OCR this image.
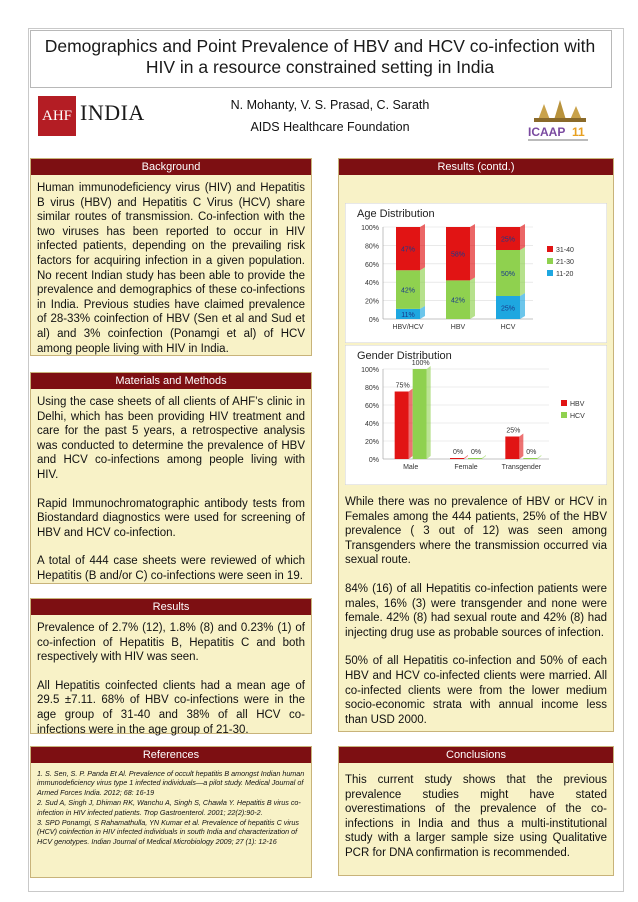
Demographics and Point Prevalence of HBV and HCV co-infection with HIV in a resource constrained setting in India
AHF INDIA	N. Mohanty, V. S. Prasad, C. Sarath
AIDS Healthcare Foundation	ICAAP 11
Background
Human immunodeficiency virus (HIV) and Hepatitis B virus (HBV) and Hepatitis C Virus (HCV) share similar routes of transmission. Co-infection with the two viruses has been reported to occur in HIV infected patients, depending on the prevailing risk factors for acquiring infection in a given population. No recent Indian study has been able to provide the prevalence and demographics of these co-infections in India. Previous studies have claimed prevalence of 28-33% coinfection of HBV (Sen et al and Sud et al) and 3% coinfection (Ponamgi et al) of HCV among people living with HIV in India.
Materials and Methods

Using the case sheets of all clients of AHF’s clinic in Delhi, which has been providing HIV treatment and care for the past 5 years, a retrospective analysis was conducted to determine the prevalence of HBV and HCV co-infections among people living with HIV.

Rapid Immunochromatographic antibody tests from Biostandard diagnostics were used for screening of HBV and HCV co-infection.

A total of 444 case sheets were reviewed of which Hepatitis (B and/or C) co-infections were seen in 19.

Results

Prevalence of 2.7% (12), 1.8% (8) and 0.23% (1) of co-infection of Hepatitis B, Hepatitis C and both respectively with HIV was seen.

All Hepatitis coinfected clients had a mean age of 29.5 ±7.11. 68% of HBV co-infections were in the age group of 31-40 and 38% of all HCV co-infections were in the age group of 21-30.

References

1. S. Sen, S. P. Panda Et Al. Prevalence of occult hepatitis B amongst Indian human immunodeficiency virus type 1 infected individuals—a pilot study. Medical Journal of Armed Forces India. 2012; 68: 16-19

2. Sud A, Singh J, Dhiman RK, Wanchu A, Singh S, Chawla Y. Hepatitis B virus co-infection in HIV infected patients. Trop Gastroenterol. 2001; 22(2):90-2.

3. SPD Ponamgi, S Rahamathulla, YN Kumar et al. Prevalence of hepatitis C virus (HCV) coinfection in HIV infected individuals in south India and characterization of HCV genotypes. Indian Journal of Medical Microbiology 2009; 27 (1): 12-16

Results (contd.)
Age Distribution
0%
20%
40%
60%
80%
100%
11%
42%
47%
HBV/HCV
42%
58%
HBV
25%
50%
25%
HCV
31-40
21-30
11-20
Gender Distribution
0%
20%
40%
60%
80%
100%
75%
100%
Male
0% 0%
Female
25%
0%
Transgender
HBV
HCV

While there was no prevalence of HBV or HCV in Females among the 444 patients, 25% of the HBV prevalence ( 3 out of 12) was seen among Transgenders where the transmission occurred via sexual route.

84% (16) of all Hepatitis co-infection patients were males, 16% (3) were transgender and none were female. 42% (8) had sexual route and 42% (8) had injecting drug use as probable sources of infection.

50% of all Hepatitis co-infection and 50% of each HBV and HCV co-infected clients were married. All co-infected clients were from the lower medium socio-economic strata with annual income less than USD 2000.

Conclusions
This current study shows that the previous prevalence studies might have stated overestimations of the prevalence of the co-infections in India and thus a multi-institutional study with a larger sample size using Qualitative PCR for DNA confirmation is recommended.
